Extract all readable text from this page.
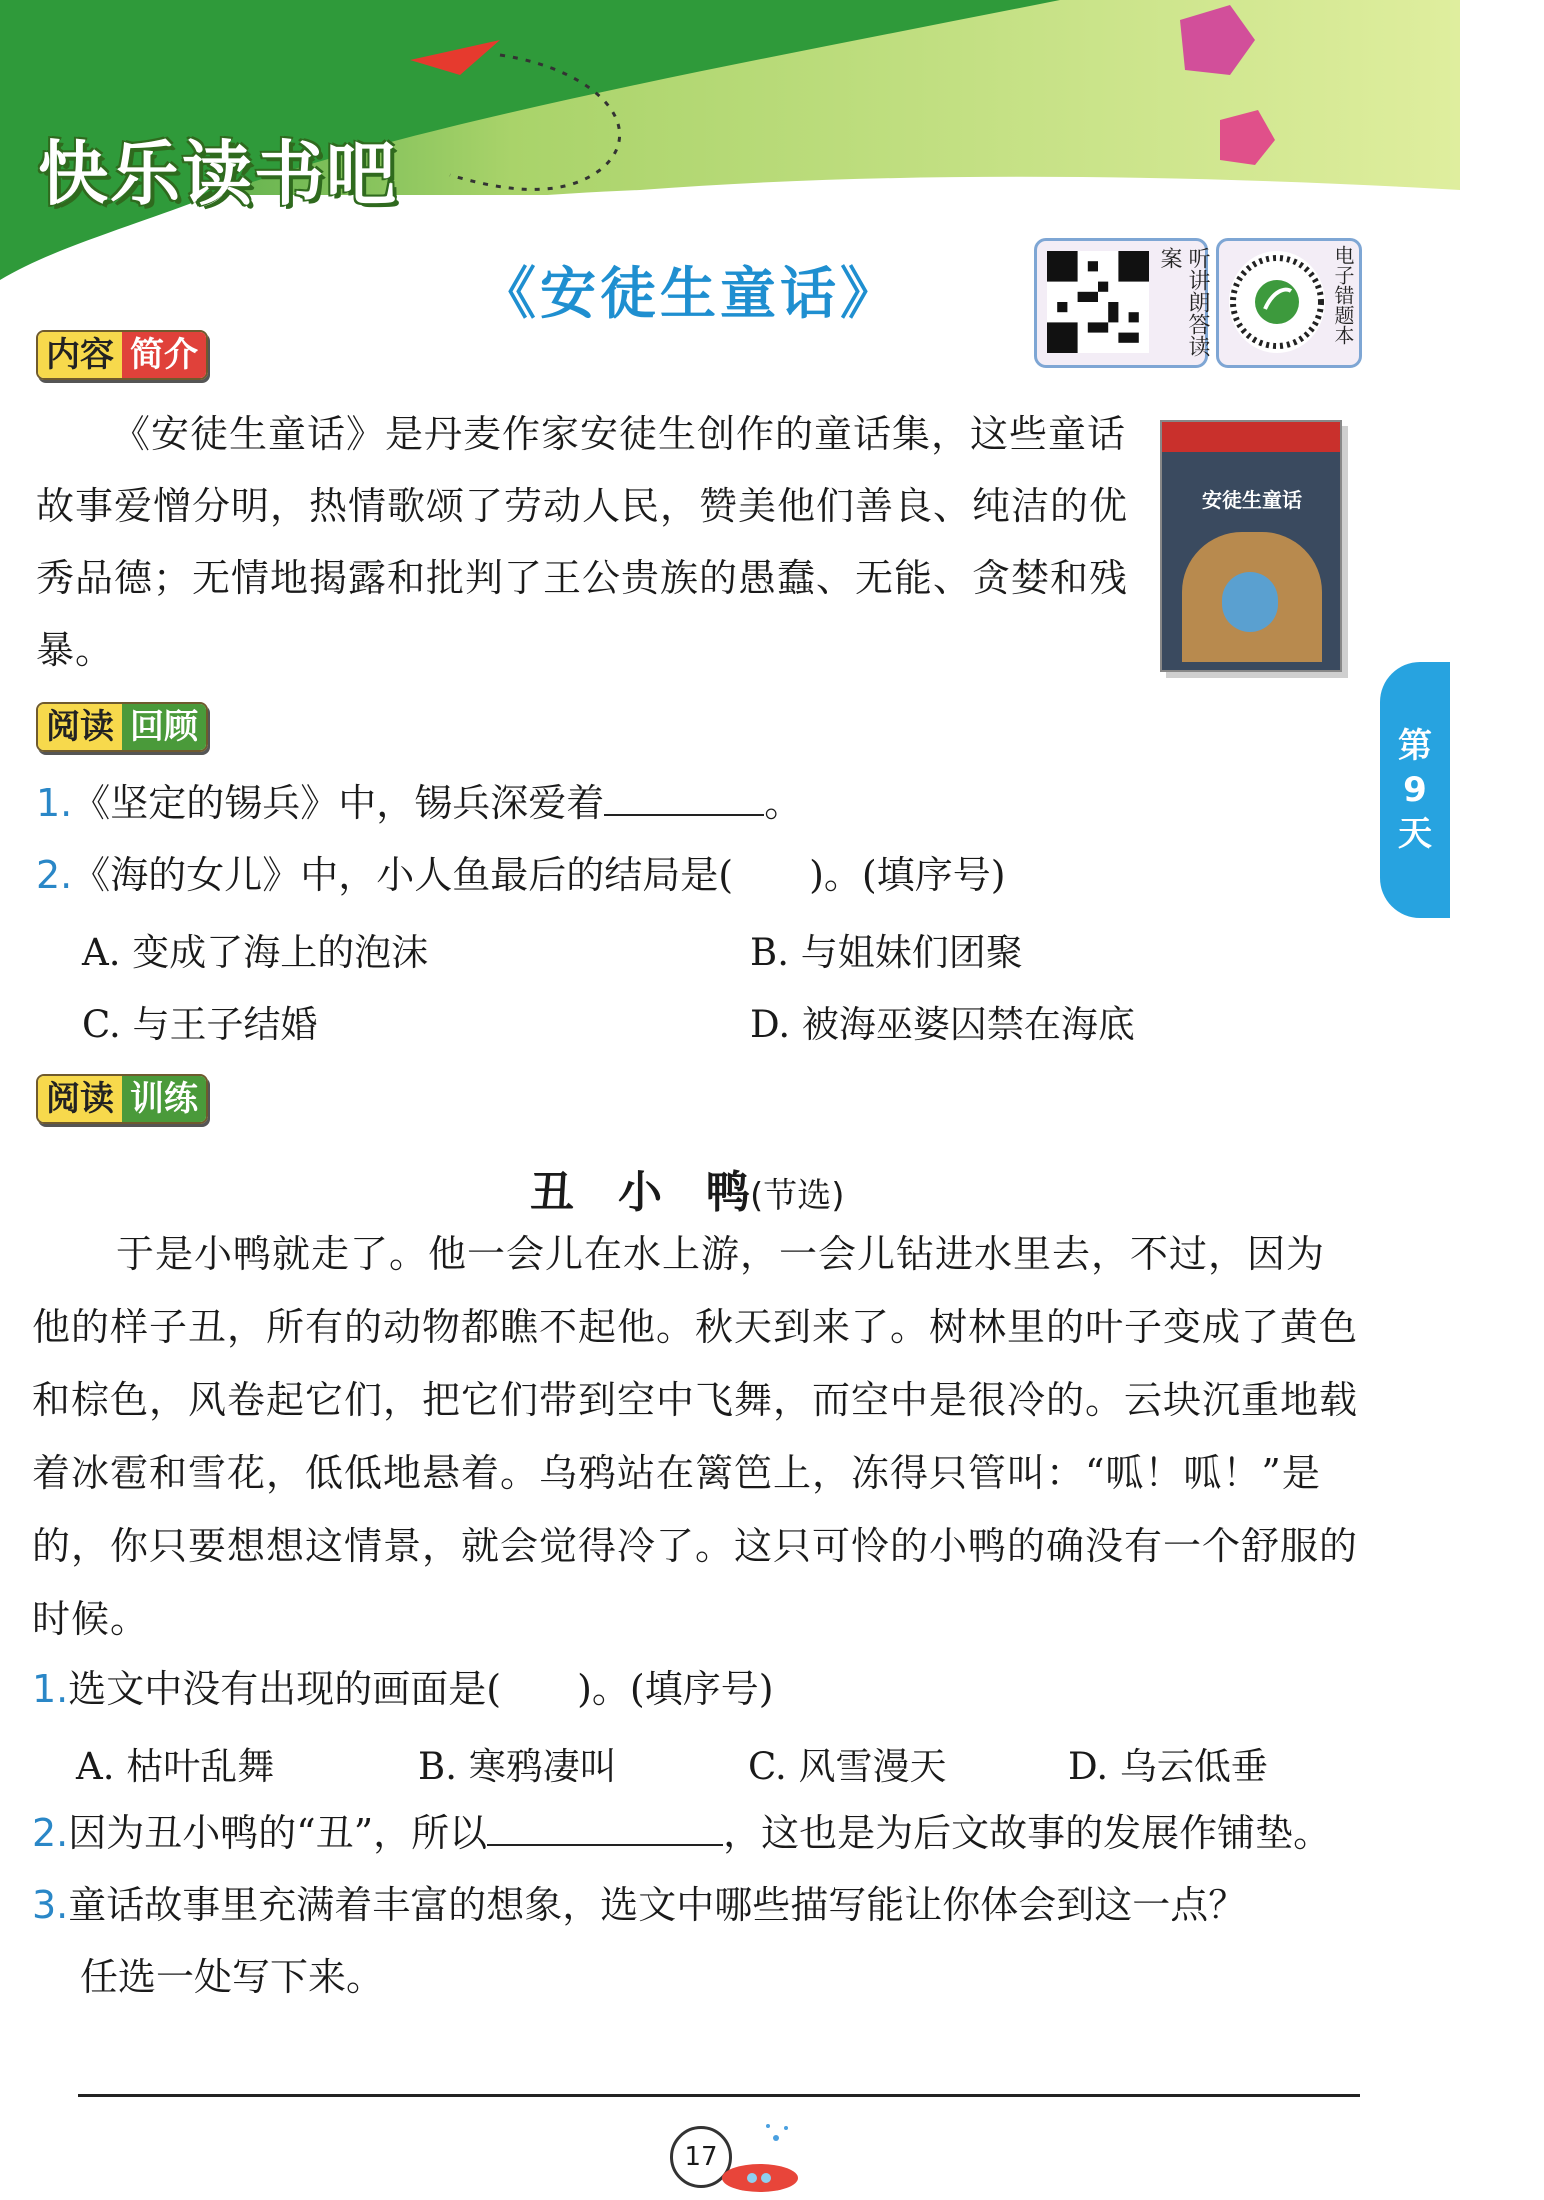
快乐读书吧
《安徒生童话》	听讲朗答读案	电子错题本
内容 简介
《安徒生童话》是丹麦作家安徒生创作的童话集，这些童话故事爱憎分明，热情歌颂了劳动人民，赞美他们善良、纯洁的优秀品德；无情地揭露和批判了王公贵族的愚蠢、无能、贪婪和残暴。
安徒生童话
第
9
天
阅读 回顾
1.《坚定的锡兵》中，锡兵深爱着	。
2.《海的女儿》中，小人鱼最后的结局是(　　)。(填序号)
A. 变成了海上的泡沫	B. 与姐妹们团聚
C. 与王子结婚	D. 被海巫婆囚禁在海底
阅读 训练
丑　小　鸭(节选)
于是小鸭就走了。他一会儿在水上游，一会儿钻进水里去，不过，因为他的样子丑，所有的动物都瞧不起他。秋天到来了。树林里的叶子变成了黄色和棕色，风卷起它们，把它们带到空中飞舞，而空中是很冷的。云块沉重地载着冰雹和雪花，低低地悬着。乌鸦站在篱笆上，冻得只管叫：“呱！呱！”是的，你只要想想这情景，就会觉得冷了。这只可怜的小鸭的确没有一个舒服的时候。
1.选文中没有出现的画面是(　　)。(填序号)
A. 枯叶乱舞	B. 寒鸦凄叫	C. 风雪漫天	D. 乌云低垂
2.因为丑小鸭的“丑”，所以	，这也是为后文故事的发展作铺垫。
3.童话故事里充满着丰富的想象，选文中哪些描写能让你体会到这一点？
任选一处写下来。
17
